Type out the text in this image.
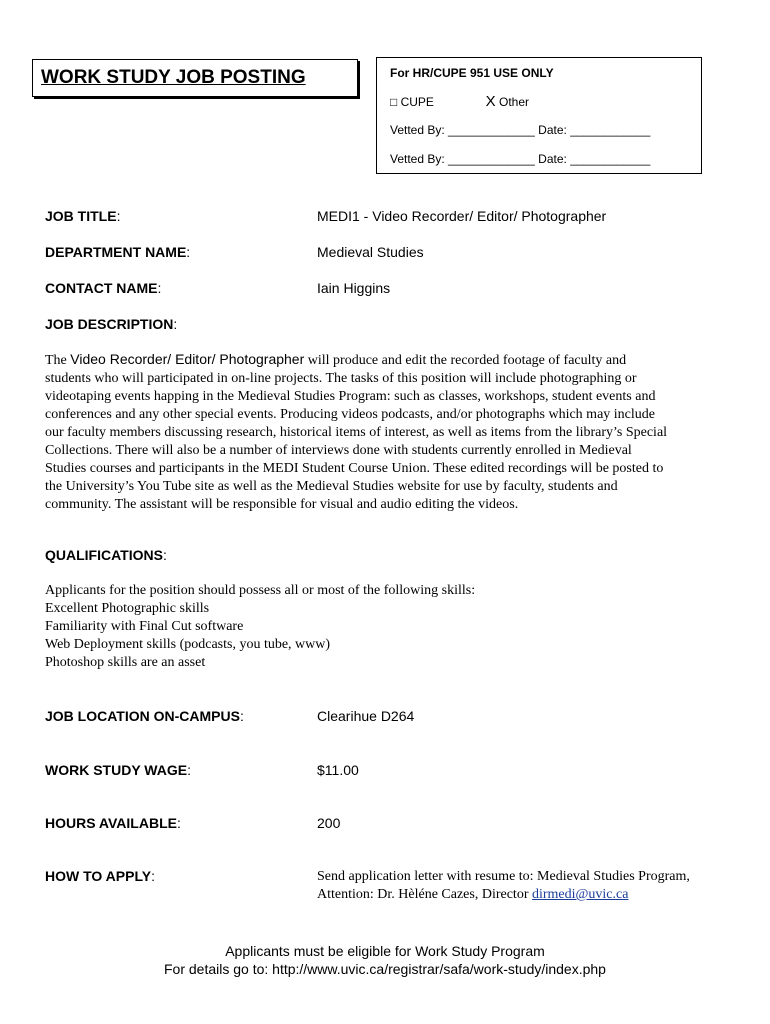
WORK STUDY JOB POSTING	For HR/CUPE 951 USE ONLY
□ CUPE	X Other
Vetted By: _____________ Date: ____________
Vetted By: _____________ Date: ____________
JOB TITLE:	MEDI1 - Video Recorder/ Editor/ Photographer
DEPARTMENT NAME:	Medieval Studies
CONTACT NAME:	Iain Higgins
JOB DESCRIPTION:
The Video Recorder/ Editor/ Photographer will produce and edit the recorded footage of faculty and
students who will participated in on-line projects. The tasks of this position will include photographing or
videotaping events happing in the Medieval Studies Program: such as classes, workshops, student events and
conferences and any other special events. Producing videos podcasts, and/or photographs which may include
our faculty members discussing research, historical items of interest, as well as items from the library’s Special
Collections. There will also be a number of interviews done with students currently enrolled in Medieval
Studies courses and participants in the MEDI Student Course Union. These edited recordings will be posted to
the University’s You Tube site as well as the Medieval Studies website for use by faculty, students and
community. The assistant will be responsible for visual and audio editing the videos.
QUALIFICATIONS:
Applicants for the position should possess all or most of the following skills:
Excellent Photographic skills
Familiarity with Final Cut software
Web Deployment skills (podcasts, you tube, www)
Photoshop skills are an asset
JOB LOCATION ON-CAMPUS:	Clearihue D264
WORK STUDY WAGE:	$11.00
HOURS AVAILABLE:	200
HOW TO APPLY:	Send application letter with resume to: Medieval Studies Program,
Attention: Dr. Hèléne Cazes, Director dirmedi@uvic.ca
Applicants must be eligible for Work Study Program
For details go to: http://www.uvic.ca/registrar/safa/work-study/index.php
